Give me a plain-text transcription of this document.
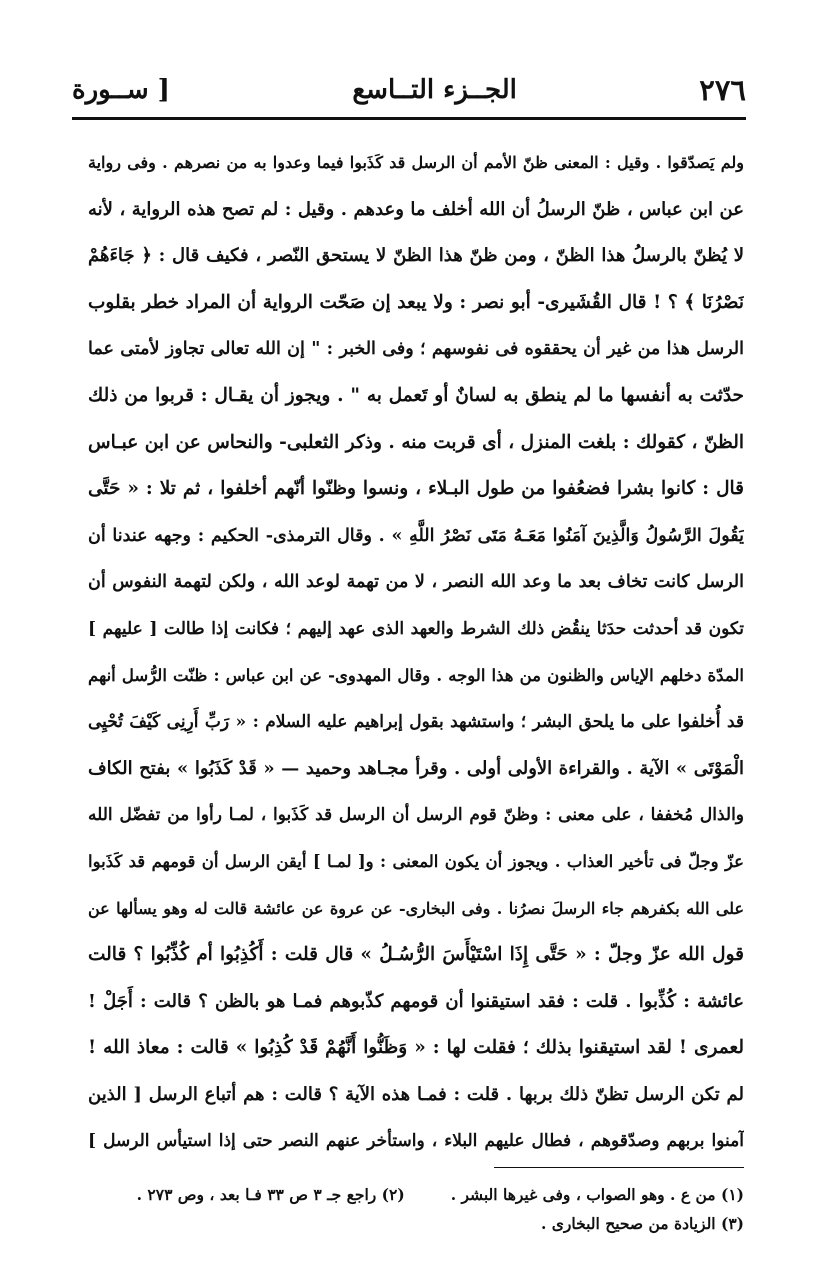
٢٧٦
الجــزء التــاسع
[ ســورة
ولم يَصدّقوا . وقيل : المعنى ظنّ الأمم أن الرسل قد كَذَبوا فيما وعدوا به من نصرهم . وفى رواية
عن ابن عباس ، ظنّ الرسلُ أن الله أخلف ما وعدهم . وقيل : لم تصح هذه الرواية ، لأنه
لا يُظنّ بالرسلُ هذا الظنّ ، ومن ظنّ هذا الظنّ لا يستحق النّصر ، فكيف قال : ﴿ جَاءَهُمْ
نَصْرُنَا ﴾ ؟ ! قال القُشَيرى- أبو نصر : ولا يبعد إن صَحّت الرواية أن المراد خطر بقلوب
الرسل هذا من غير أن يحققوه فى نفوسهم ؛ وفى الخبر : " إن الله تعالى تجاوز لأمتى عما
حدّثت به أنفسها ما لم ينطق به لسانٌ أو تَعمل به " . ويجوز أن يقـال : قربوا من ذلك
الظنّ ، كقولك : بلغت المنزل ، أى قربت منه . وذكر الثعلبى- والنحاس عن ابن عبـاس
قال : كانوا بشرا فضعُفوا من طول البـلاء ، ونسوا وظنّوا أنّهم أخلفوا ، ثم تلا : « حَتَّى
يَقُولَ الرَّسُولُ وَالَّذِينَ آمَنُوا مَعَـهُ مَتَى نَصْرُ اللَّهِ » . وقال الترمذى- الحكيم : وجهه عندنا أن
الرسل كانت تخاف بعد ما وعد الله النصر ، لا من تهمة لوعد الله ، ولكن لتهمة النفوس أن
تكون قد أحدثت حدَثا ينقُض ذلك الشرط والعهد الذى عهد إليهم ؛ فكانت إذا طالت [ عليهم ]
المدّة دخلهم الإياس والظنون من هذا الوجه . وقال المهدوى- عن ابن عباس : ظنّت الرُّسل أنهم
قد أُخلفوا على ما يلحق البشر ؛ واستشهد بقول إبراهيم عليه السلام : « رَبِّ أَرِنِى كَيْفَ تُحْيِى
الْمَوْتَى » الآية . والقراءة الأولى أولى . وقرأ مجـاهد وحميد — « قَدْ كَذَبُوا » بفتح الكاف
والذال مُخففا ، على معنى : وظنّ قوم الرسل أن الرسل قد كَذَبوا ، لمـا رأوا من تفضّل الله
عزّ وجلّ فى تأخير العذاب . ويجوز أن يكون المعنى : و[ لمـا ] أيقن الرسل أن قومهم قد كَذَبوا
على الله بكفرهم جاء الرسلَ نصرُنا . وفى البخارى- عن عروة عن عائشة قالت له وهو يسألها عن
قول الله عزّ وجلّ : « حَتَّى إِذَا اسْتَيْأَسَ الرُّسُـلُ » قال قلت : أَكُذِبُوا أم كُذِّبُوا ؟ قالت
عائشة : كُذِّبوا . قلت : فقد استيقنوا أن قومهم كذّبوهم فمـا هو بالظن ؟ قالت : أَجَلْ !
لعمرى ! لقد استيقنوا بذلك ؛ فقلت لها : « وَظَنُّوا أَنَّهُمْ قَدْ كُذِبُوا » قالت : معاذ الله !
لم تكن الرسل تظنّ ذلك بربها . قلت : فمـا هذه الآية ؟ قالت : هم أتباع الرسل [ الذين
آمنوا بربهم وصدّقوهم ، فطال عليهم البلاء ، واستأخر عنهم النصر حتى إذا استيأس الرسل ]
(١) من ع . وهو الصواب ، وفى غيرها البشر .(٢) راجع جـ ٣ ص ٣٣ فـا بعد ، وص ٢٧٣ .
(٣) الزيادة من صحيح البخارى .
